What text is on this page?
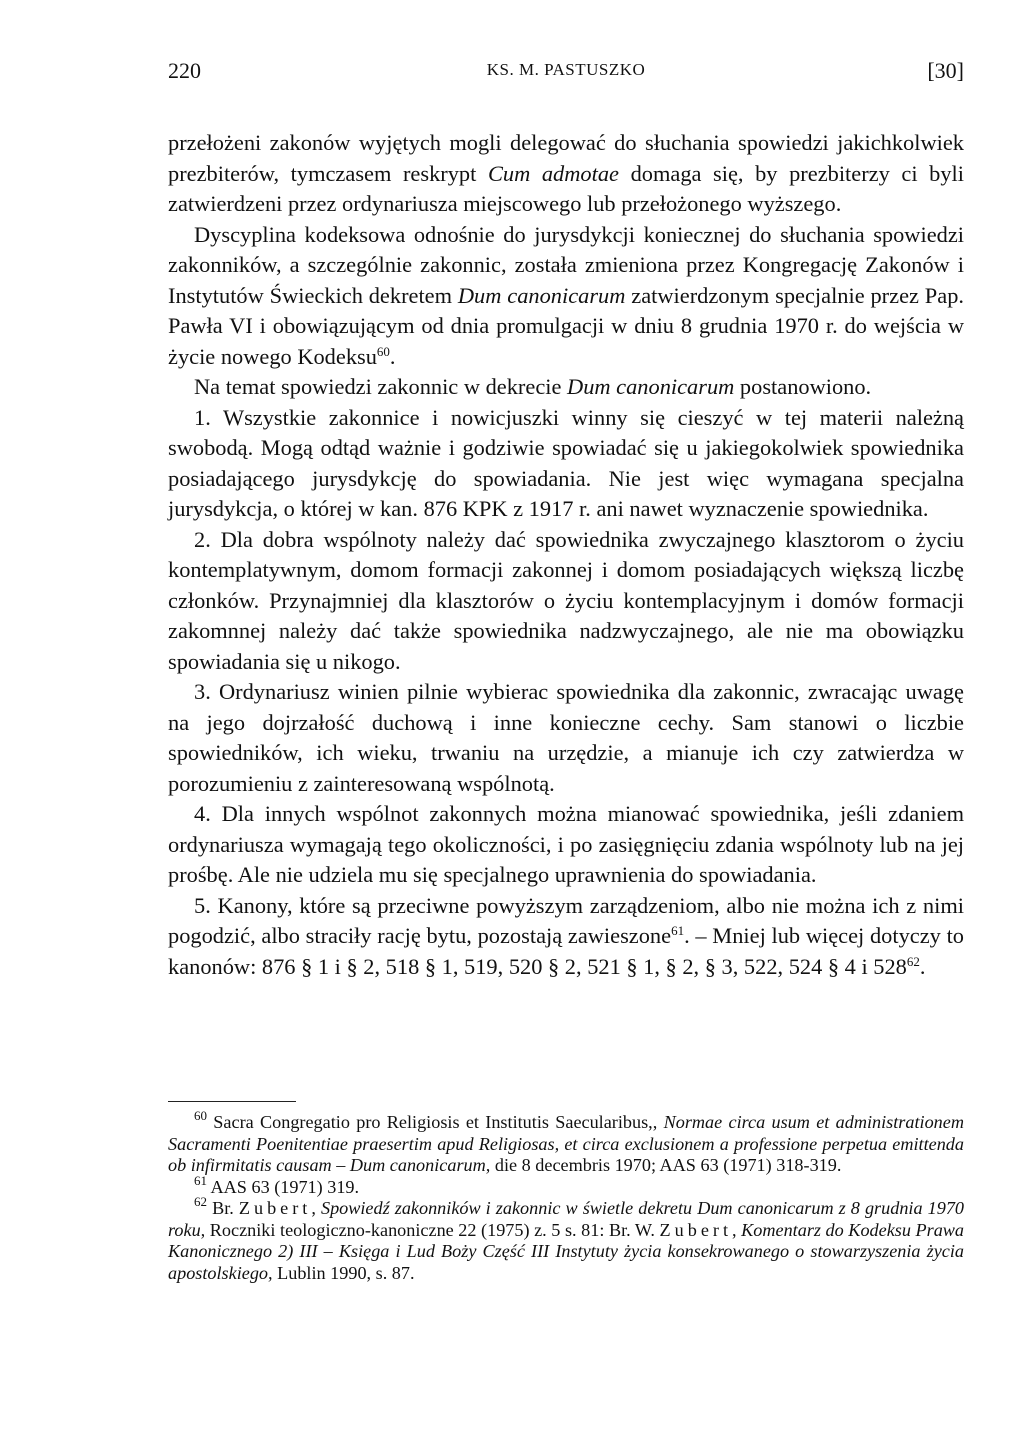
220	KS. M. PASTUSZKO	[30]

przełożeni zakonów wyjętych mogli delegować do słuchania spowiedzi jakichkolwiek prezbiterów, tymczasem reskrypt Cum admotae domaga się, by prezbiterzy ci byli zatwierdzeni przez ordynariusza miejscowego lub przełożonego wyższego.

Dyscyplina kodeksowa odnośnie do jurysdykcji koniecznej do słuchania spowiedzi zakonników, a szczególnie zakonnic, została zmieniona przez Kongregację Zakonów i Instytutów Świeckich dekretem Dum canonicarum zatwierdzonym specjalnie przez Pap. Pawła VI i obowiązującym od dnia promulgacji w dniu 8 grudnia 1970 r. do wejścia w życie nowego Kodeksu$^{60}$.

Na temat spowiedzi zakonnic w dekrecie Dum canonicarum postanowiono.

1. Wszystkie zakonnice i nowicjuszki winny się cieszyć w tej materii należną swobodą. Mogą odtąd ważnie i godziwie spowiadać się u jakiegokolwiek spowiednika posiadającego jurysdykcję do spowiadania. Nie jest więc wymagana specjalna jurysdykcja, o której w kan. 876 KPK z 1917 r. ani nawet wyznaczenie spowiednika.

2. Dla dobra wspólnoty należy dać spowiednika zwyczajnego klasztorom o życiu kontemplatywnym, domom formacji zakonnej i domom posiadających większą liczbę członków. Przynajmniej dla klasztorów o życiu kontemplacyjnym i domów formacji zakomnnej należy dać także spowiednika nadzwyczajnego, ale nie ma obowiązku spowiadania się u nikogo.

3. Ordynariusz winien pilnie wybierac spowiednika dla zakonnic, zwracając uwagę na jego dojrzałość duchową i inne konieczne cechy. Sam stanowi o liczbie spowiedników, ich wieku, trwaniu na urzędzie, a mianuje ich czy zatwierdza w porozumieniu z zainteresowaną wspólnotą.

4. Dla innych wspólnot zakonnych można mianować spowiednika, jeśli zdaniem ordynariusza wymagają tego okoliczności, i po zasięgnięciu zdania wspólnoty lub na jej prośbę. Ale nie udziela mu się specjalnego uprawnienia do spowiadania.

5. Kanony, które są przeciwne powyższym zarządzeniom, albo nie można ich z nimi pogodzić, albo straciły rację bytu, pozostają zawieszone$^{61}$. – Mniej lub więcej dotyczy to kanonów: 876 § 1 i § 2, 518 § 1, 519, 520 § 2, 521 § 1, § 2, § 3, 522, 524 § 4 i $528^{62}$.

$^{60}$ Sacra Congregatio pro Religiosis et Institutis Saecularibus,, Normae circa usum et administrationem Sacramenti Poenitentiae praesertim apud Religiosas, et circa exclusionem a professione perpetua emittenda ob infirmitatis causam – Dum canonicarum, die 8 decembris 1970; AAS 63 (1971) 318-319.

$^{61}$ AAS 63 (1971) 319.

$^{62}$ Br. Zubert, Spowiedź zakonników i zakonnic w świetle dekretu Dum canonicarum z 8 grudnia 1970 roku, Roczniki teologiczno-kanoniczne 22 (1975) z. 5 s. 81: Br. W. Zubert, Komentarz do Kodeksu Prawa Kanonicznego 2) III – Księga i Lud Boży Część III Instytuty życia konsekrowanego o stowarzyszenia życia apostolskiego, Lublin 1990, s. 87.
